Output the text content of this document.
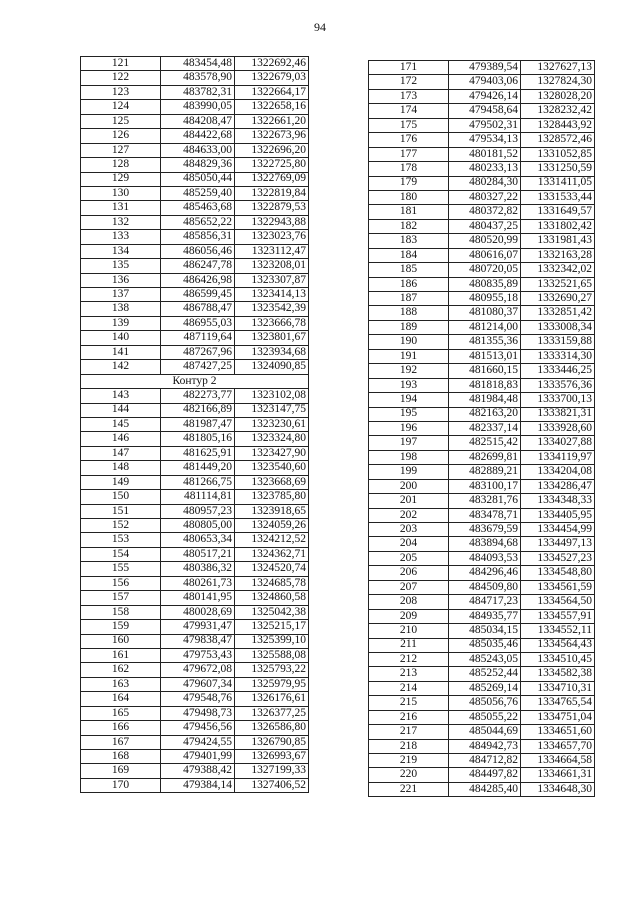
94
121	483454,48	1322692,46
122	483578,90	1322679,03
123	483782,31	1322664,17
124	483990,05	1322658,16
125	484208,47	1322661,20
126	484422,68	1322673,96
127	484633,00	1322696,20
128	484829,36	1322725,80
129	485050,44	1322769,09
130	485259,40	1322819,84
131	485463,68	1322879,53
132	485652,22	1322943,88
133	485856,31	1323023,76
134	486056,46	1323112,47
135	486247,78	1323208,01
136	486426,98	1323307,87
137	486599,45	1323414,13
138	486788,47	1323542,39
139	486955,03	1323666,78
140	487119,64	1323801,67
141	487267,96	1323934,68
142	487427,25	1324090,85
Контур 2		
143	482273,77	1323102,08
144	482166,89	1323147,75
145	481987,47	1323230,61
146	481805,16	1323324,80
147	481625,91	1323427,90
148	481449,20	1323540,60
149	481266,75	1323668,69
150	481114,81	1323785,80
151	480957,23	1323918,65
152	480805,00	1324059,26
153	480653,34	1324212,52
154	480517,21	1324362,71
155	480386,32	1324520,74
156	480261,73	1324685,78
157	480141,95	1324860,58
158	480028,69	1325042,38
159	479931,47	1325215,17
160	479838,47	1325399,10
161	479753,43	1325588,08
162	479672,08	1325793,22
163	479607,34	1325979,95
164	479548,76	1326176,61
165	479498,73	1326377,25
166	479456,56	1326586,80
167	479424,55	1326790,85
168	479401,99	1326993,67
169	479388,42	1327199,33
170	479384,14	1327406,52
171	479389,54	1327627,13
172	479403,06	1327824,30
173	479426,14	1328028,20
174	479458,64	1328232,42
175	479502,31	1328443,92
176	479534,13	1328572,46
177	480181,52	1331052,85
178	480233,13	1331250,59
179	480284,30	1331411,05
180	480327,22	1331533,44
181	480372,82	1331649,57
182	480437,25	1331802,42
183	480520,99	1331981,43
184	480616,07	1332163,28
185	480720,05	1332342,02
186	480835,89	1332521,65
187	480955,18	1332690,27
188	481080,37	1332851,42
189	481214,00	1333008,34
190	481355,36	1333159,88
191	481513,01	1333314,30
192	481660,15	1333446,25
193	481818,83	1333576,36
194	481984,48	1333700,13
195	482163,20	1333821,31
196	482337,14	1333928,60
197	482515,42	1334027,88
198	482699,81	1334119,97
199	482889,21	1334204,08
200	483100,17	1334286,47
201	483281,76	1334348,33
202	483478,71	1334405,95
203	483679,59	1334454,99
204	483894,68	1334497,13
205	484093,53	1334527,23
206	484296,46	1334548,80
207	484509,80	1334561,59
208	484717,23	1334564,50
209	484935,77	1334557,91
210	485034,15	1334552,11
211	485035,46	1334564,43
212	485243,05	1334510,45
213	485252,44	1334582,38
214	485269,14	1334710,31
215	485056,76	1334765,54
216	485055,22	1334751,04
217	485044,69	1334651,60
218	484942,73	1334657,70
219	484712,82	1334664,58
220	484497,82	1334661,31
221	484285,40	1334648,30
